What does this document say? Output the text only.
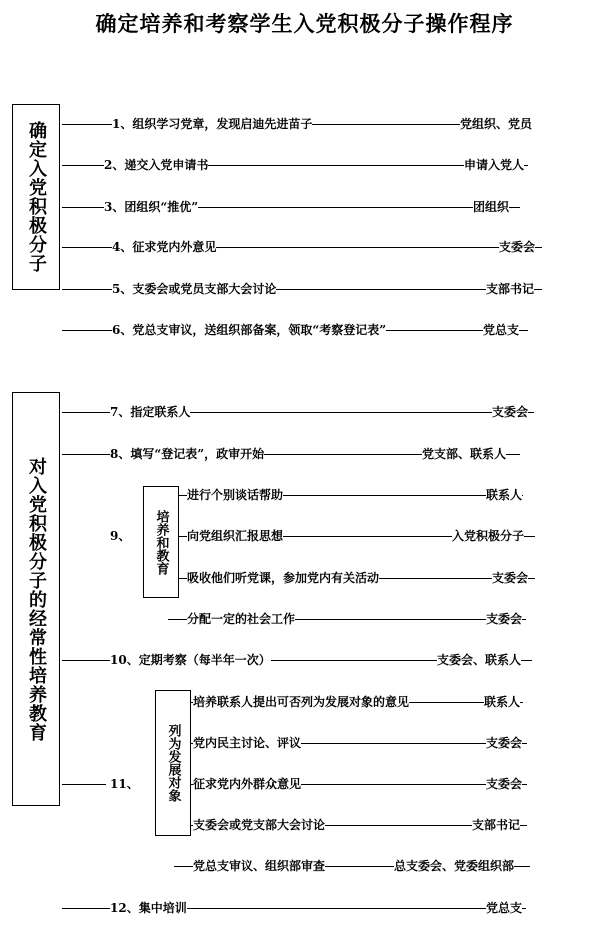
确定培养和考察学生入党积极分子操作程序
确定入党积极分子
对入党积极分子的经常性培养教育	培养和教育
列为发展对象
1、组织学习党章，发现启迪先进苗子	党组织、党员
2、递交入党申请书	申请入党人
3、团组织“推优”	团组织
4、征求党内外意见	支委会
5、支委会或党员支部大会讨论	支部书记
6、党总支审议，送组织部备案，领取“考察登记表”	党总支
7、指定联系人	支委会
8、填写“登记表”，政审开始	党支部、联系人
9、
进行个别谈话帮助	联系人
向党组织汇报思想	入党积极分子
吸收他们听党课，参加党内有关活动	支委会
分配一定的社会工作	支委会
10、定期考察（每半年一次）	支委会、联系人
11、
培养联系人提出可否列为发展对象的意见	联系人
党内民主讨论、评议	支委会
征求党内外群众意见	支委会
支委会或党支部大会讨论	支部书记
党总支审议、组织部审查	总支委会、党委组织部
12、集中培训	党总支
